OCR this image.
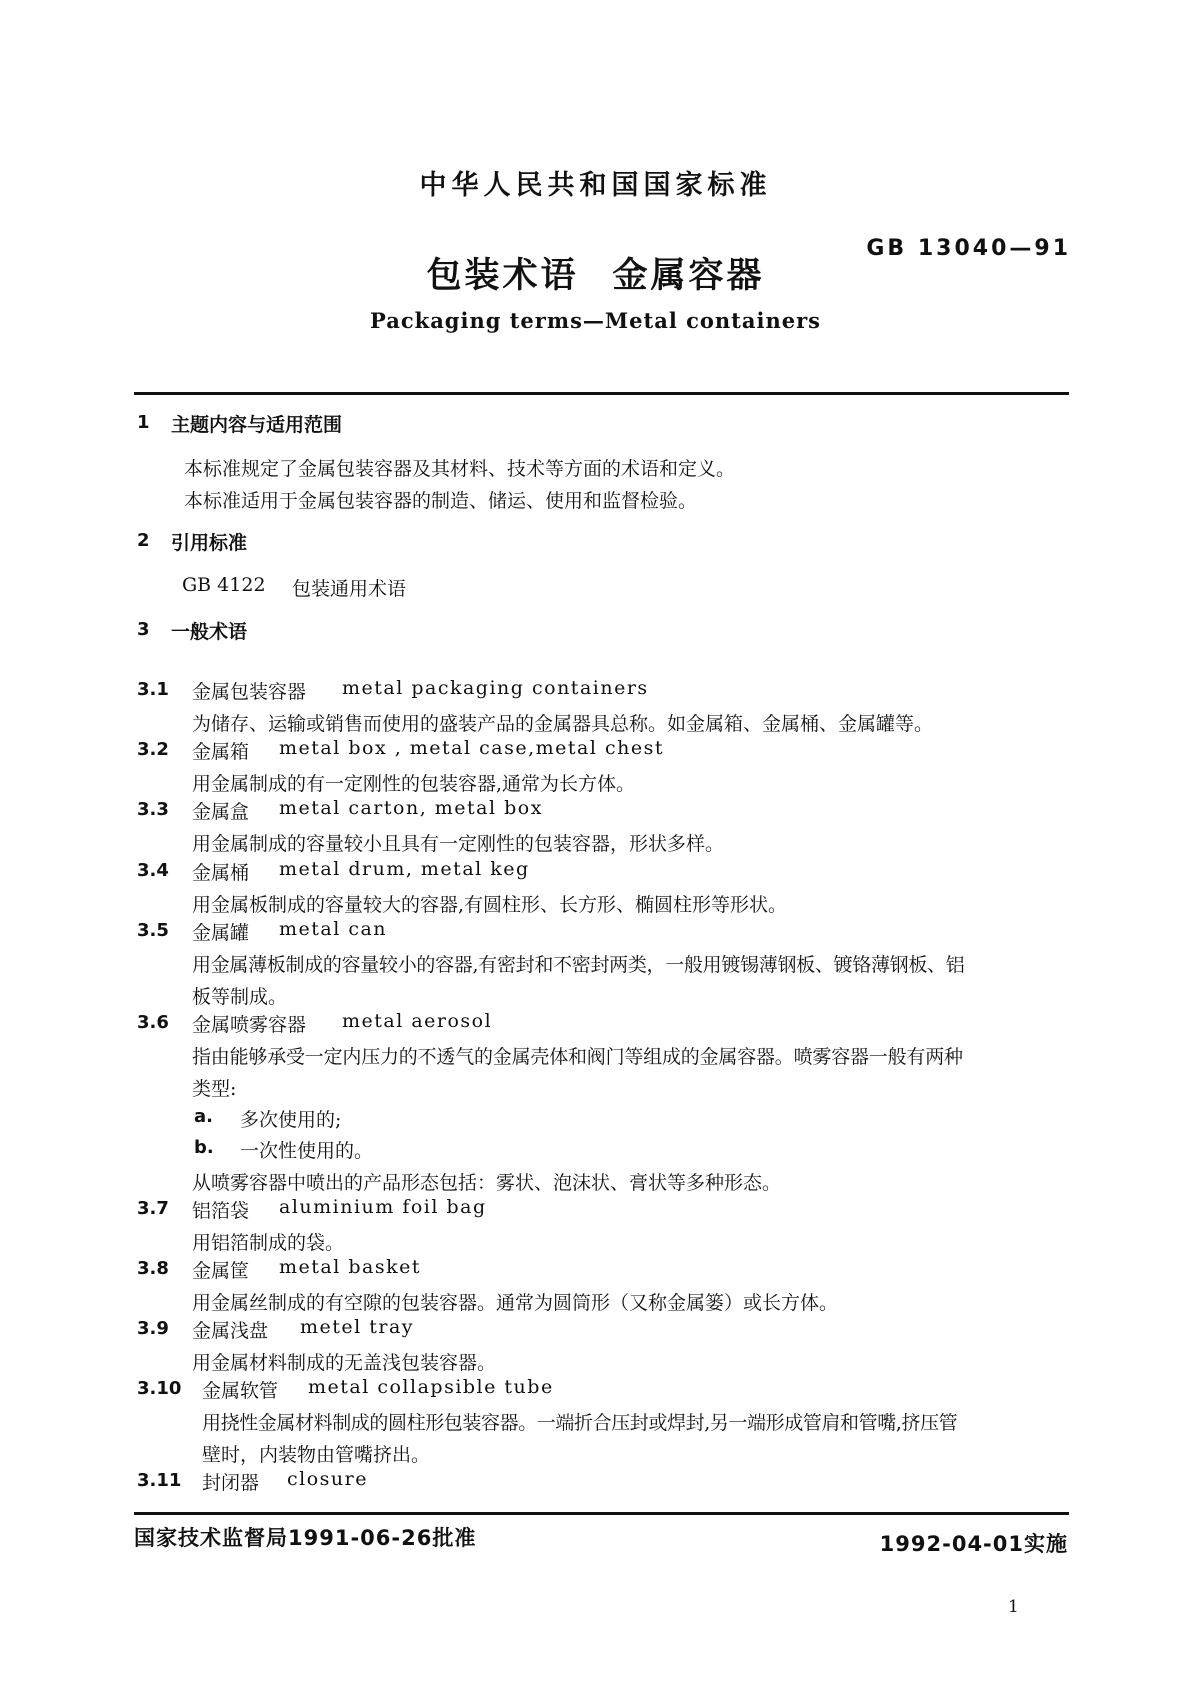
中华人民共和国国家标准
GB 13040—91
包装术语 金属容器
Packaging terms—Metal containers
1 主题内容与适用范围
本标准规定了金属包装容器及其材料、技术等方面的术语和定义。
本标准适用于金属包装容器的制造、储运、使用和监督检验。
2 引用标准
GB 4122 包装通用术语
3 一般术语
3.1 金属包装容器 metal packaging containers
为储存、运输或销售而使用的盛装产品的金属器具总称。如金属箱、金属桶、金属罐等。
3.2 金属箱 metal box , metal case,metal chest
用金属制成的有一定刚性的包装容器,通常为长方体。
3.3 金属盒 metal carton, metal box
用金属制成的容量较小且具有一定刚性的包装容器，形状多样。
3.4 金属桶 metal drum, metal keg
用金属板制成的容量较大的容器,有圆柱形、长方形、椭圆柱形等形状。
3.5 金属罐 metal can
用金属薄板制成的容量较小的容器,有密封和不密封两类，一般用镀锡薄钢板、镀铬薄钢板、铝
板等制成。
3.6 金属喷雾容器 metal aerosol
指由能够承受一定内压力的不透气的金属壳体和阀门等组成的金属容器。喷雾容器一般有两种
类型:
a. 多次使用的;
b. 一次性使用的。
从喷雾容器中喷出的产品形态包括：雾状、泡沫状、膏状等多种形态。
3.7 铝箔袋 aluminium foil bag
用铝箔制成的袋。
3.8 金属筐 metal basket
用金属丝制成的有空隙的包装容器。通常为圆筒形（又称金属篓）或长方体。
3.9 金属浅盘 metel tray
用金属材料制成的无盖浅包装容器。
3.10 金属软管 metal collapsible tube
用挠性金属材料制成的圆柱形包装容器。一端折合压封或焊封,另一端形成管肩和管嘴,挤压管
壁时，内装物由管嘴挤出。
3.11 封闭器 closure
国家技术监督局1991-06-26批准	1992-04-01实施
1
